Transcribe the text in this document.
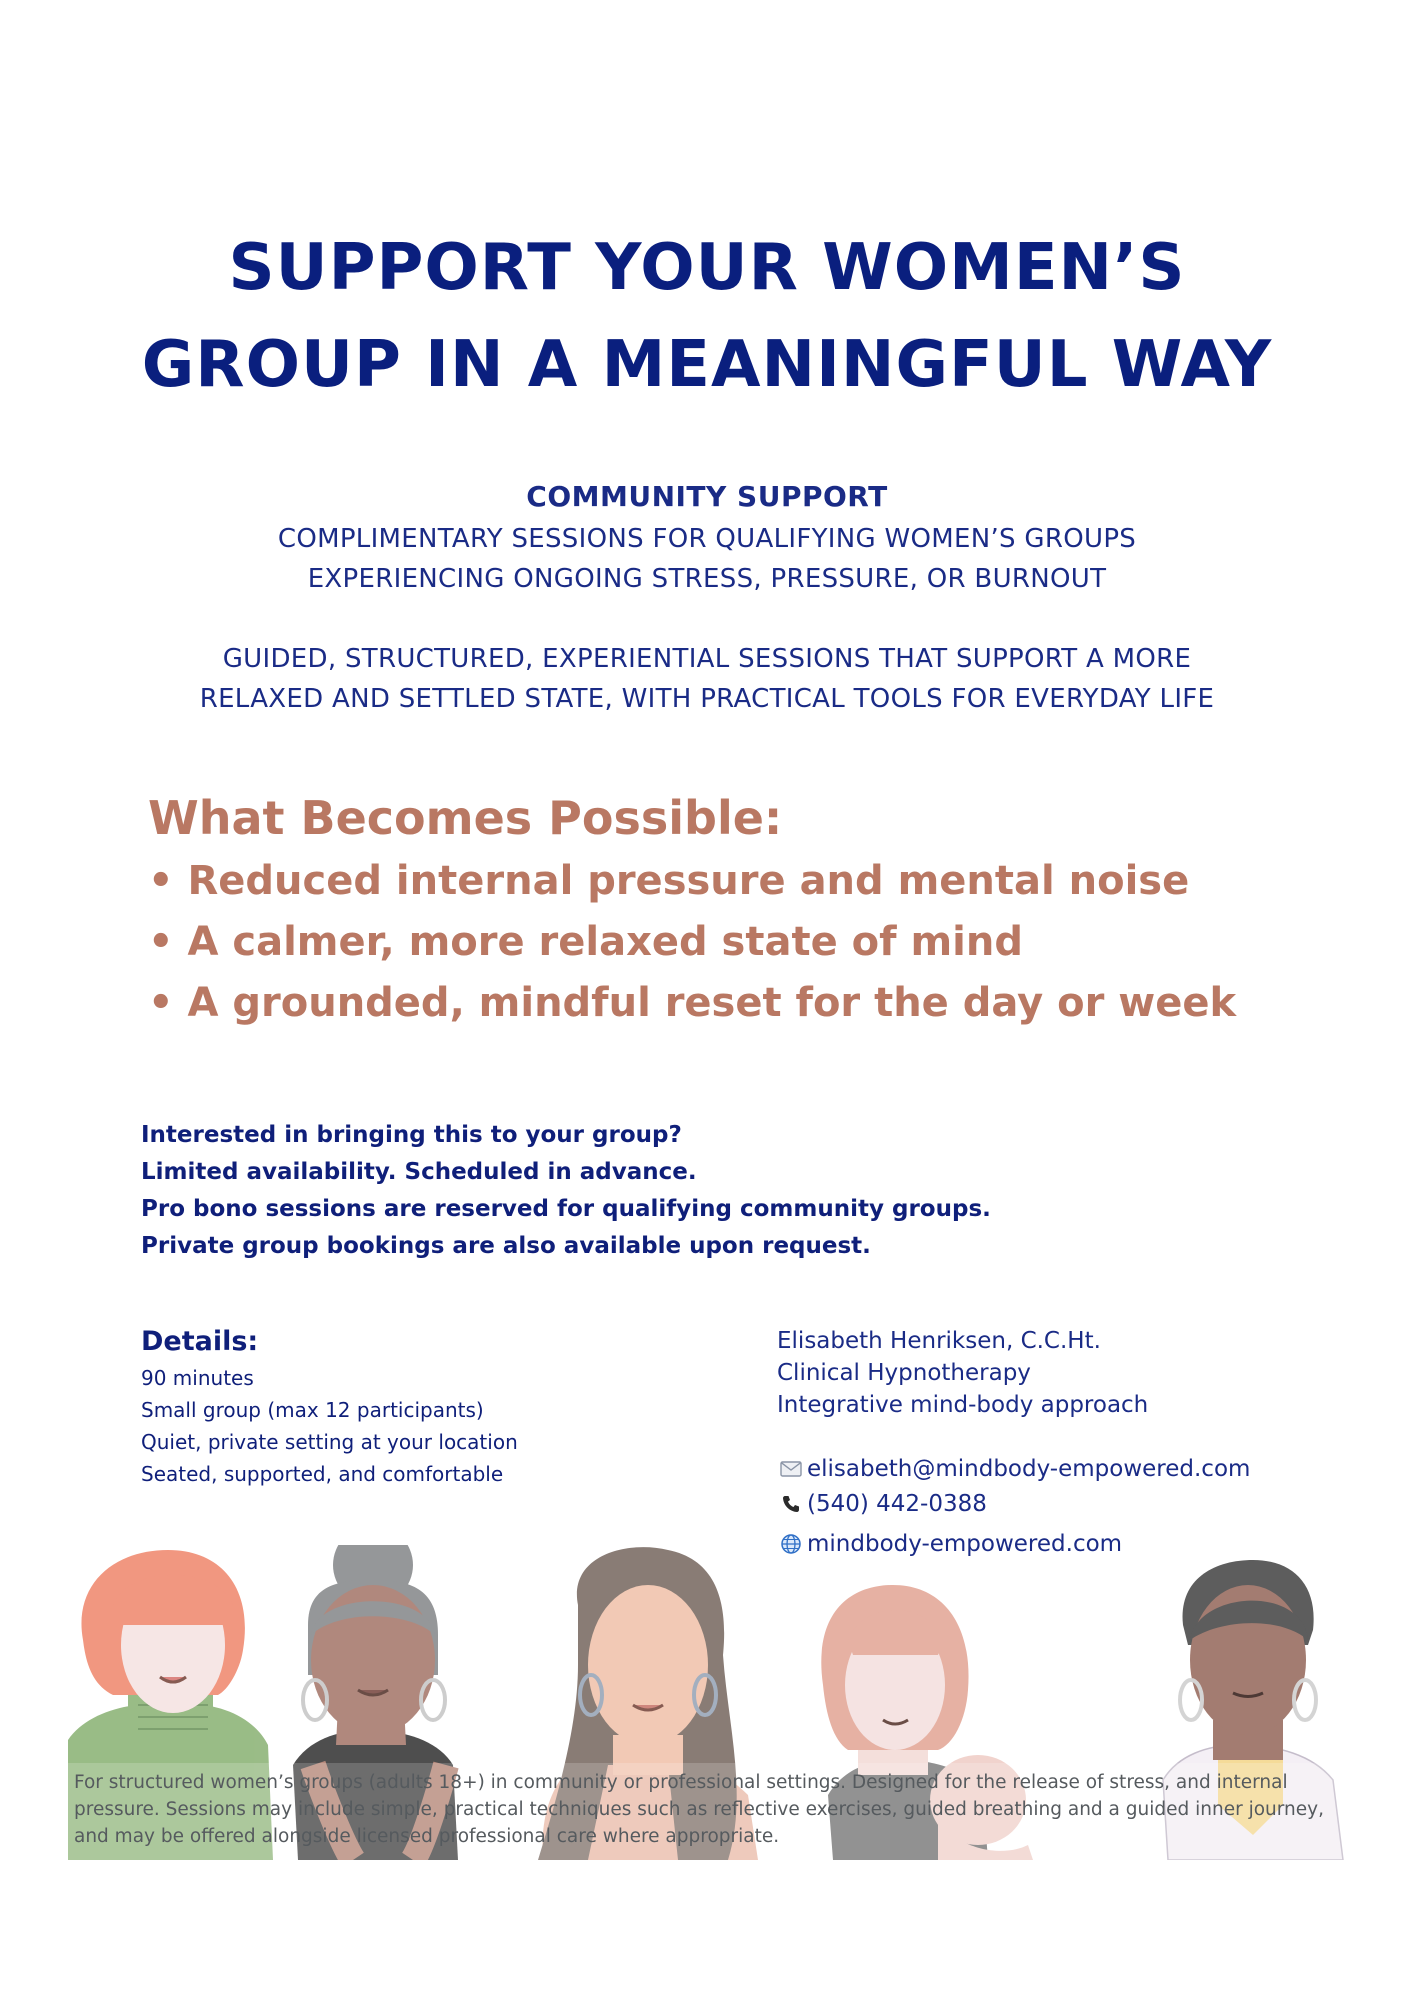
SUPPORT YOUR WOMEN’S
GROUP IN A MEANINGFUL WAY
COMMUNITY SUPPORT
COMPLIMENTARY SESSIONS FOR QUALIFYING WOMEN’S GROUPS
EXPERIENCING ONGOING STRESS, PRESSURE, OR BURNOUT
GUIDED, STRUCTURED, EXPERIENTIAL SESSIONS THAT SUPPORT A MORE
RELAXED AND SETTLED STATE, WITH PRACTICAL TOOLS FOR EVERYDAY LIFE
What Becomes Possible:
• Reduced internal pressure and mental noise
• A calmer, more relaxed state of mind
• A grounded, mindful reset for the day or week
Interested in bringing this to your group?
Limited availability. Scheduled in advance.
Pro bono sessions are reserved for qualifying community groups.
Private group bookings are also available upon request.
Details:
90 minutes
Small group (max 12 participants)
Quiet, private setting at your location
Seated, supported, and comfortable
Elisabeth Henriksen, C.C.Ht.
Clinical Hypnotherapy
Integrative mind-body approach
elisabeth@mindbody-empowered.com
(540) 442-0388
mindbody-empowered.com
For structured women’s groups (adults 18+) in community or professional settings. Designed for the release of stress, and internal pressure. Sessions may include simple, practical techniques such as reflective exercises, guided breathing and a guided inner journey, and may be offered alongside licensed professional care where appropriate.
